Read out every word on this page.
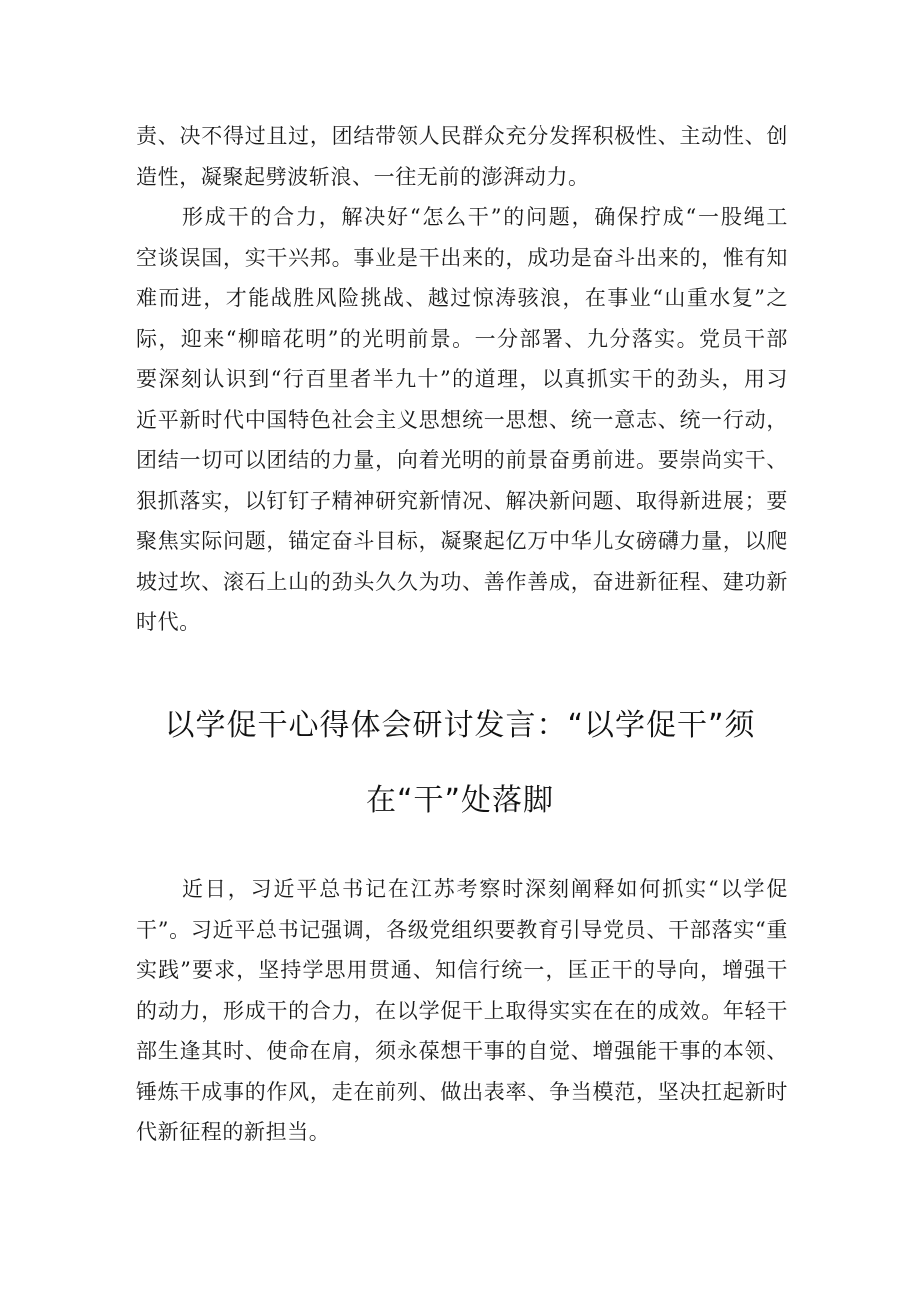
责、决不得过且过，团结带领人民群众充分发挥积极性、主动性、创
造性，凝聚起劈波斩浪、一往无前的澎湃动力。

形成干的合力，解决好“怎么干”的问题，确保拧成“一股绳工
空谈误国，实干兴邦。事业是干出来的，成功是奋斗出来的，惟有知
难而进，才能战胜风险挑战、越过惊涛骇浪，在事业“山重水复”之
际，迎来“柳暗花明”的光明前景。一分部署、九分落实。党员干部
要深刻认识到“行百里者半九十”的道理，以真抓实干的劲头，用习
近平新时代中国特色社会主义思想统一思想、统一意志、统一行动，
团结一切可以团结的力量，向着光明的前景奋勇前进。要崇尚实干、
狠抓落实，以钉钉子精神研究新情况、解决新问题、取得新进展；要
聚焦实际问题，锚定奋斗目标，凝聚起亿万中华儿女磅礴力量，以爬
坡过坎、滚石上山的劲头久久为功、善作善成，奋进新征程、建功新
时代。

以学促干心得体会研讨发言：“以学促干”须
在“干”处落脚

近日，习近平总书记在江苏考察时深刻阐释如何抓实“以学促
干”。习近平总书记强调，各级党组织要教育引导党员、干部落实“重
实践”要求，坚持学思用贯通、知信行统一，匡正干的导向，增强干
的动力，形成干的合力，在以学促干上取得实实在在的成效。年轻干
部生逢其时、使命在肩，须永葆想干事的自觉、增强能干事的本领、
锤炼干成事的作风，走在前列、做出表率、争当模范，坚决扛起新时
代新征程的新担当。
